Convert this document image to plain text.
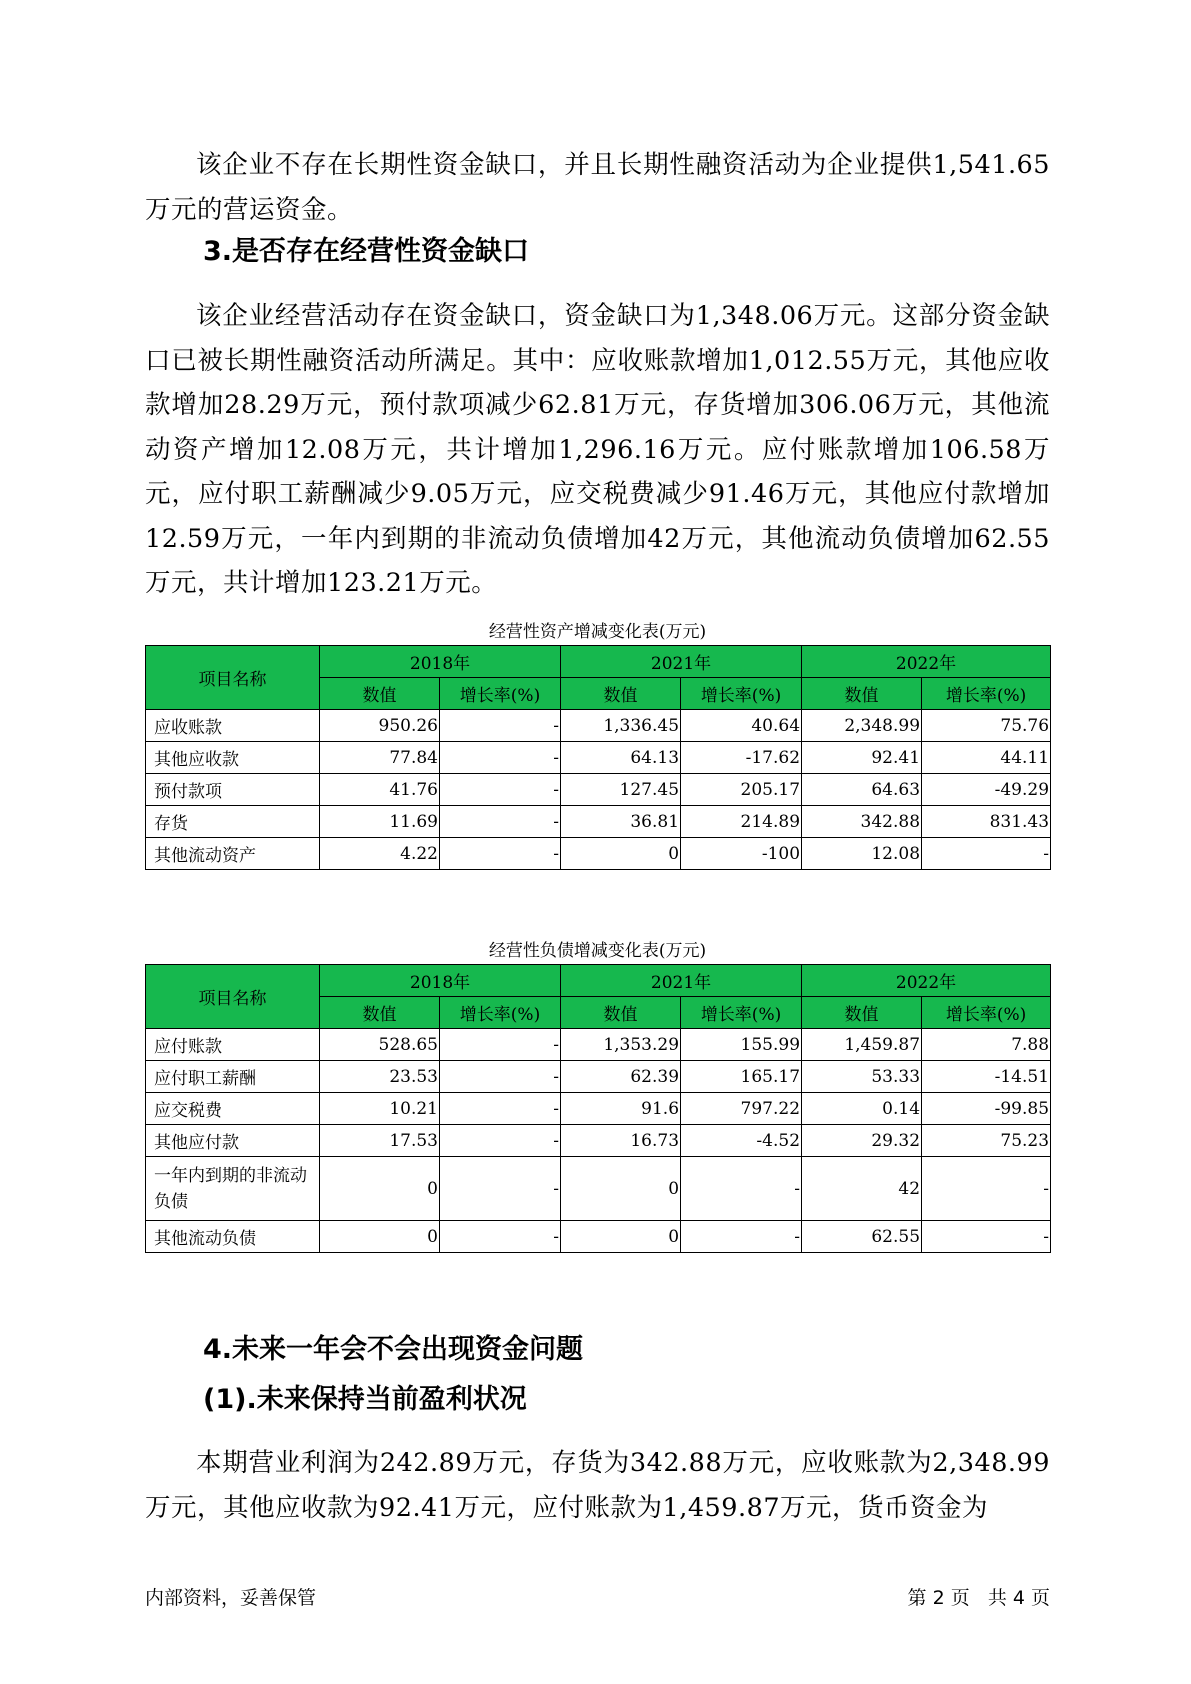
该企业不存在长期性资金缺口，并且长期性融资活动为企业提供1,541.65万元的营运资金。

3.是否存在经营性资金缺口

该企业经营活动存在资金缺口，资金缺口为1,348.06万元。这部分资金缺口已被长期性融资活动所满足。其中：应收账款增加1,012.55万元，其他应收款增加28.29万元，预付款项减少62.81万元，存货增加306.06万元，其他流动资产增加12.08万元，共计增加1,296.16万元。应付账款增加106.58万元，应付职工薪酬减少9.05万元，应交税费减少91.46万元，其他应付款增加12.59万元，一年内到期的非流动负债增加42万元，其他流动负债增加62.55万元，共计增加123.21万元。

经营性资产增减变化表(万元)
项目名称	2018年		2021年		2022年	
	数值	增长率(%)	数值	增长率(%)	数值	增长率(%)
应收账款	950.26	-	1,336.45	40.64	2,348.99	75.76
其他应收款	77.84	-	64.13	-17.62	92.41	44.11
预付款项	41.76	-	127.45	205.17	64.63	-49.29
存货	11.69	-	36.81	214.89	342.88	831.43
其他流动资产	4.22	-	0	-100	12.08	-
经营性负债增减变化表(万元)
项目名称	2018年		2021年		2022年	
	数值	增长率(%)	数值	增长率(%)	数值	增长率(%)
应付账款	528.65	-	1,353.29	155.99	1,459.87	7.88
应付职工薪酬	23.53	-	62.39	165.17	53.33	-14.51
应交税费	10.21	-	91.6	797.22	0.14	-99.85
其他应付款	17.53	-	16.73	-4.52	29.32	75.23
一年内到期的非流动负债	0	-	0	-	42	-
其他流动负债	0	-	0	-	62.55	-
4.未来一年会不会出现资金问题
(1).未来保持当前盈利状况

本期营业利润为242.89万元，存货为342.88万元，应收账款为2,348.99万元，其他应收款为92.41万元，应付账款为1,459.87万元，货币资金为

内部资料，妥善保管	第 2 页   共 4 页
